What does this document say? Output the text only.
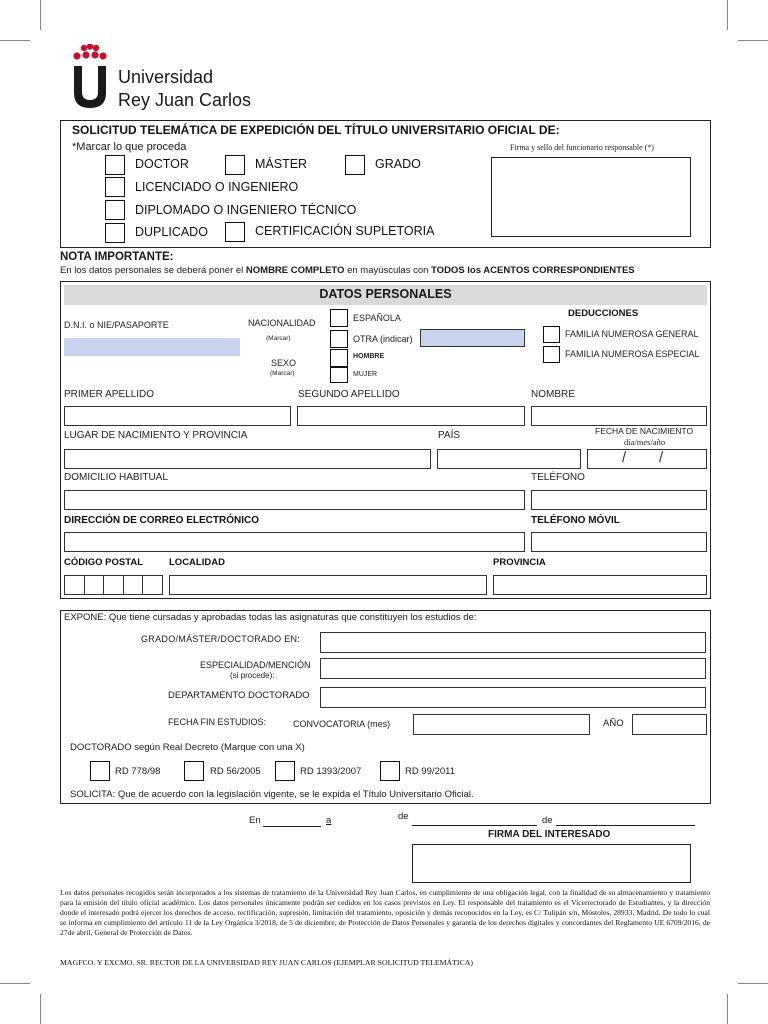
Universidad
Rey Juan Carlos
SOLICITUD TELEMÁTICA DE EXPEDICIÓN DEL TÍTULO UNIVERSITARIO OFICIAL DE:
*Marcar lo que proceda	Firma y sello del funcionario responsable (*)
DOCTOR	MÁSTER	GRADO
LICENCIADO O INGENIERO
DIPLOMADO O INGENIERO TÉCNICO
DUPLICADO	CERTIFICACIÓN SUPLETORIA
NOTA IMPORTANTE:
En los datos personales se deberá poner el NOMBRE COMPLETO en mayúsculas con TODOS los ACENTOS CORRESPONDIENTES
DATOS PERSONALES
D.N.I. o NIE/PASAPORTE	NACIONALIDAD
(Marcar)
ESPAÑOLA
OTRA (indicar)
SEXO
(Marcar)
HOMBRE
MUJER
DEDUCCIONES
FAMILIA NUMEROSA GENERAL
FAMILIA NUMEROSA ESPECIAL
PRIMER APELLIDO	SEGUNDO APELLIDO	NOMBRE
LUGAR DE NACIMIENTO Y PROVINCIA	PAÍS	FECHA DE NACIMIENTO
día/mes/año
/ /
DOMICILIO HABITUAL	TELÉFONO
DIRECCIÓN DE CORREO ELECTRÓNICO	TELÉFONO MÓVIL
CÓDIGO POSTAL	LOCALIDAD	PROVINCIA
EXPONE: Que tiene cursadas y aprobadas todas las asignaturas que constituyen los estudios de:
GRADO/MÁSTER/DOCTORADO EN:
ESPECIALIDAD/MENCIÓN
(si procede):
DEPARTAMENTO DOCTORADO
FECHA FIN ESTUDIOS:	CONVOCATORIA (mes)	AÑO
DOCTORADO según Real Decreto (Marque con una X)
RD 778/98	RD 56/2005	RD 1393/2007	RD 99/2011
SOLICITA: Que de acuerdo con la legislación vigente, se le expida el Título Universitario Oficial.
En	a	de	de
FIRMA DEL INTERESADO
Los datos personales recogidos serán incorporados a los sistemas de tratamiento de la Universidad Rey Juan Carlos, en cumplimiento de una obligación legal, con la finalidad de su almacenamiento y tratamiento para la emisión del título oficial académico. Los datos personales únicamente podrán ser cedidos en los casos previstos en Ley. El responsable del tratamiento es el Vicerrectorado de Estudiantes, y la dirección donde el interesado podrá ejercer los derechos de acceso, rectificación, supresión, limitación del tratamiento, oposición y demás reconocidos en la Ley, es C/ Tulipán s/n, Móstoles, 28933, Madrid. De todo lo cual se informa en cumplimiento del artículo 11 de la Ley Orgánica 3/2018, de 5 de diciembre, de Protección de Datos Personales y garantía de los derechos digitales y concordantes del Reglamento UE 6709/2016, de 27de abril, General de Protección de Datos.
MAGFCO. Y EXCMO. SR. RECTOR DE LA UNIVERSIDAD REY JUAN CARLOS (EJEMPLAR SOLICITUD TELEMÁTICA)
